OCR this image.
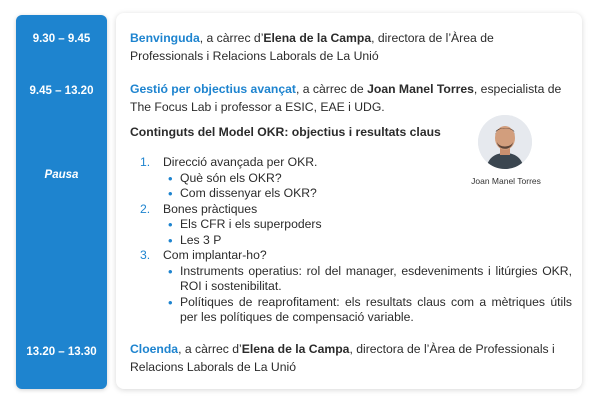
9.30 – 9.45
9.45 – 13.20
Pausa
13.20 – 13.30
Benvinguda, a càrrec d’Elena de la Campa, directora de l’Àrea de Professionals i Relacions Laborals de La Unió
Gestió per objectius avançat, a càrrec de Joan Manel Torres, especialista de The Focus Lab i professor a ESIC, EAE i UDG.
Continguts del Model OKR: objectius i resultats claus
Joan Manel Torres
1. Direcció avançada per OKR.
• Què són els OKR?
• Com dissenyar els OKR?
2. Bones pràctiques
• Els CFR i els superpoders
• Les 3 P
3. Com implantar-ho?
• Instruments operatius: rol del manager, esdeveniments i litúrgies OKR, ROI i sostenibilitat.
• Polítiques de reaprofitament: els resultats claus com a mètriques útils per les polítiques de compensació variable.
Cloenda, a càrrec d’Elena de la Campa, directora de l’Àrea de Professionals i Relacions Laborals de La Unió
